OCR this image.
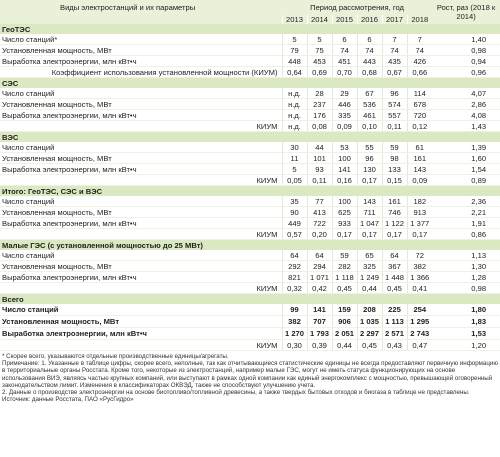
Виды электростанций и их параметры	Период рассмотрения, год						Рост, раз (2018 к 2014)
	2013	2014	2015	2016	2017	2018	
ГеоТЭС							
Число станций*	5	5	6	6	7	7	1,40
Установленная мощность, МВт	79	75	74	74	74	74	0,98
Выработка электроэнергии, млн кВт•ч	448	453	451	443	435	426	0,94
Коэффициент использования установленной мощности (КИУМ)	0,64	0,69	0,70	0,68	0,67	0,66	0,96
СЭС							
Число станций	н.д.	28	29	67	96	114	4,07
Установленная мощность, МВт	н.д.	237	446	536	574	678	2,86
Выработка электроэнергии, млн кВт•ч	н.д.	176	335	461	557	720	4,08
КИУМ	н.д.	0,08	0,09	0,10	0,11	0,12	1,43
ВЭС							
Число станций	30	44	53	55	59	61	1,39
Установленная мощность, МВт	11	101	100	96	98	161	1,60
Выработка электроэнергии, млн кВт•ч	5	93	141	130	133	143	1,54
КИУМ	0,05	0,11	0,16	0,17	0,15	0,09	0,89
Итого: ГеоТЭС, СЭС и ВЭС							
Число станций	35	77	100	143	161	182	2,36
Установленная мощность, МВт	90	413	625	711	746	913	2,21
Выработка электроэнергии, млн кВт•ч	449	722	933	1 047	1 122	1 377	1,91
КИУМ	0,57	0,20	0,17	0,17	0,17	0,17	0,86
Малые ГЭС (с установленной мощностью до 25 МВт)							
Число станций	64	64	59	65	64	72	1,13
Установленная мощность, МВт	292	294	282	325	367	382	1,30
Выработка электроэнергии, млн кВт•ч	821	1 071	1 118	1 249	1 448	1 366	1,28
КИУМ	0,32	0,42	0,45	0,44	0,45	0,41	0,98
Всего							
Число станций	99	141	159	208	225	254	1,80
Установленная мощность, МВт	382	707	906	1 035	1 113	1 295	1,83
Выработка электроэнергии, млн кВт•ч	1 270	1 793	2 051	2 297	2 571	2 743	1,53
КИУМ	0,30	0,39	0,44	0,45	0,43	0,47	1,20
* Скорее всего, указываются отдельные производственные единицы/агрегаты.
Примечание: 1. Указанные в таблице цифры, скорее всего, неполные, так как отчитывающиеся статистические единицы не всегда предоставляют первичную информацию в территориальные органы Росстата. Кроме того, некоторые из электростанций, например малые ГЭС, могут не иметь статуса функционирующих на основе использования ВИЭ, являясь частью крупных компаний, или выступают в рамках одной компании как единый энергокомплекс с мощностью, превышающей оговоренный законодательством лимит. Изменения в классификаторах ОКВЭД, также не способствуют улучшению учета.
2. Данные о производстве электроэнергии на основе биотопливо/топливной древесины, а также твердых бытовых отходов и биогаза в таблице не представлены.
Источник: данные Росстата, ПАО «РусГидро»
